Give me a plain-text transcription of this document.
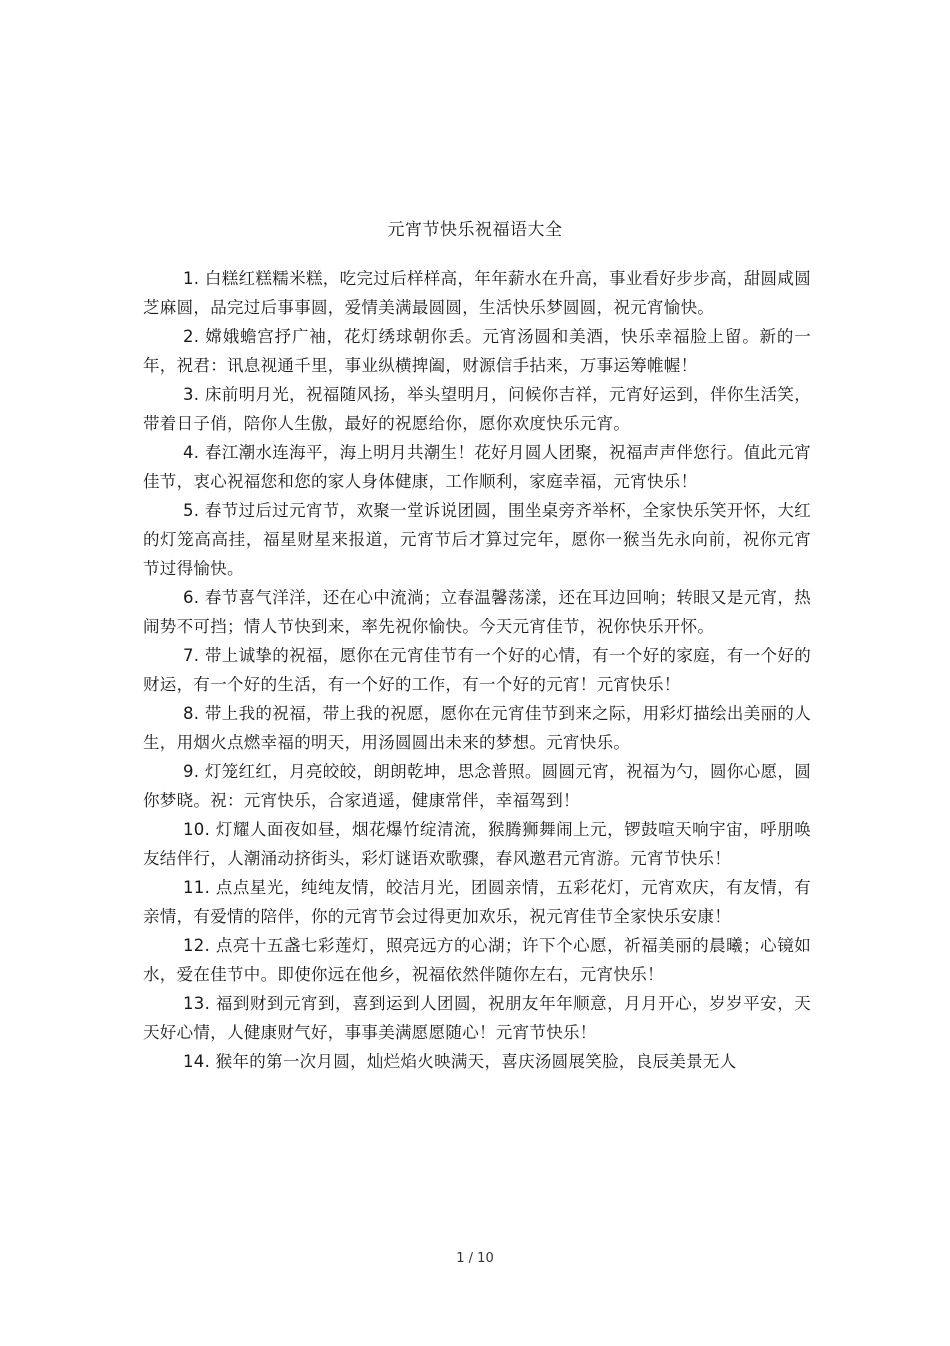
元宵节快乐祝福语大全

1. 白糕红糕糯米糕，吃完过后样样高，年年薪水在升高，事业看好步步高，甜圆咸圆芝麻圆，品完过后事事圆，爱情美满最圆圆，生活快乐梦圆圆，祝元宵愉快。

2. 嫦娥蟾宫抒广袖，花灯绣球朝你丢。元宵汤圆和美酒，快乐幸福脸上留。新的一年，祝君：讯息视通千里，事业纵横捭阖，财源信手拈来，万事运筹帷幄！

3. 床前明月光，祝福随风扬，举头望明月，问候你吉祥，元宵好运到，伴你生活笑，带着日子俏，陪你人生傲，最好的祝愿给你，愿你欢度快乐元宵。

4. 春江潮水连海平，海上明月共潮生！花好月圆人团聚，祝福声声伴您行。值此元宵佳节，衷心祝福您和您的家人身体健康，工作顺利，家庭幸福，元宵快乐！

5. 春节过后过元宵节，欢聚一堂诉说团圆，围坐桌旁齐举杯，全家快乐笑开怀，大红的灯笼高高挂，福星财星来报道，元宵节后才算过完年，愿你一猴当先永向前，祝你元宵节过得愉快。

6. 春节喜气洋洋，还在心中流淌；立春温馨荡漾，还在耳边回响；转眼又是元宵，热闹势不可挡；情人节快到来，率先祝你愉快。今天元宵佳节，祝你快乐开怀。

7. 带上诚挚的祝福，愿你在元宵佳节有一个好的心情，有一个好的家庭，有一个好的财运，有一个好的生活，有一个好的工作，有一个好的元宵！元宵快乐！

8. 带上我的祝福，带上我的祝愿，愿你在元宵佳节到来之际，用彩灯描绘出美丽的人生，用烟火点燃幸福的明天，用汤圆圆出未来的梦想。元宵快乐。

9. 灯笼红红，月亮皎皎，朗朗乾坤，思念普照。圆圆元宵，祝福为勺，圆你心愿，圆你梦晓。祝：元宵快乐，合家逍遥，健康常伴，幸福驾到！

10. 灯耀人面夜如昼，烟花爆竹绽清流，猴腾狮舞闹上元，锣鼓喧天响宇宙，呼朋唤友结伴行，人潮涌动挤街头，彩灯谜语欢歌骤，春风邀君元宵游。元宵节快乐！

11. 点点星光，纯纯友情，皎洁月光，团圆亲情，五彩花灯，元宵欢庆，有友情，有亲情，有爱情的陪伴，你的元宵节会过得更加欢乐，祝元宵佳节全家快乐安康！

12. 点亮十五盏七彩莲灯，照亮远方的心湖；许下个心愿，祈福美丽的晨曦；心镜如水，爱在佳节中。即使你远在他乡，祝福依然伴随你左右，元宵快乐！

13. 福到财到元宵到，喜到运到人团圆，祝朋友年年顺意，月月开心，岁岁平安，天天好心情，人健康财气好，事事美满愿愿随心！元宵节快乐！

14. 猴年的第一次月圆，灿烂焰火映满天，喜庆汤圆展笑脸，良辰美景无人

1 / 10
